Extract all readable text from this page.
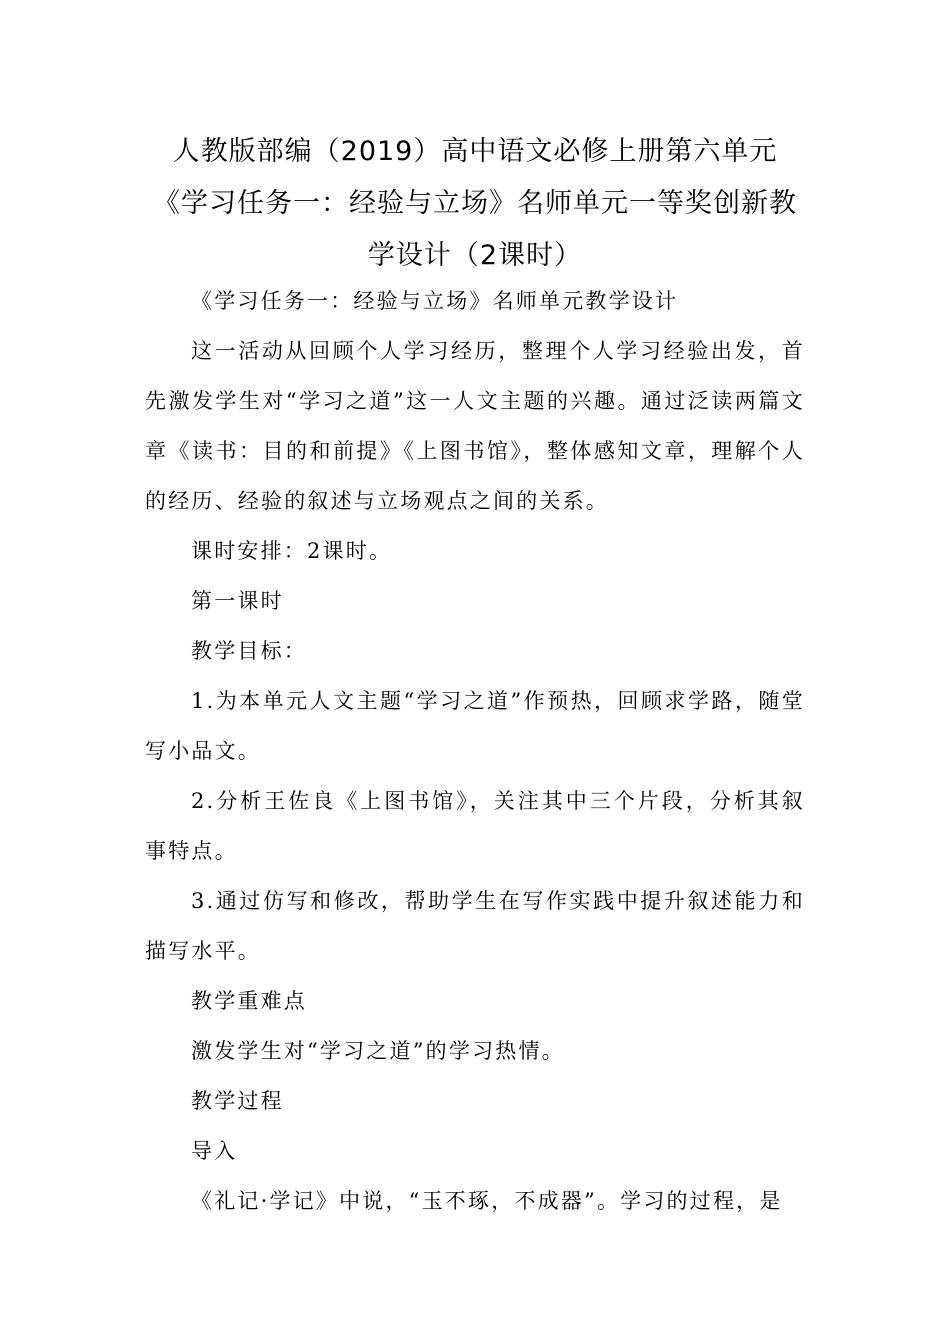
人教版部编（2019）高中语文必修上册第六单元《学习任务一：经验与立场》名师单元一等奖创新教学设计（2课时）

《学习任务一：经验与立场》名师单元教学设计

这一活动从回顾个人学习经历，整理个人学习经验出发，首先激发学生对“学习之道”这一人文主题的兴趣。通过泛读两篇文章《读书：目的和前提》《上图书馆》，整体感知文章，理解个人的经历、经验的叙述与立场观点之间的关系。

课时安排：2课时。

第一课时

教学目标：

1.为本单元人文主题“学习之道”作预热，回顾求学路，随堂写小品文。

2.分析王佐良《上图书馆》，关注其中三个片段，分析其叙事特点。

3.通过仿写和修改，帮助学生在写作实践中提升叙述能力和描写水平。

教学重难点

激发学生对“学习之道”的学习热情。

教学过程

导入

《礼记·学记》中说，“玉不琢，不成器”。学习的过程，是
